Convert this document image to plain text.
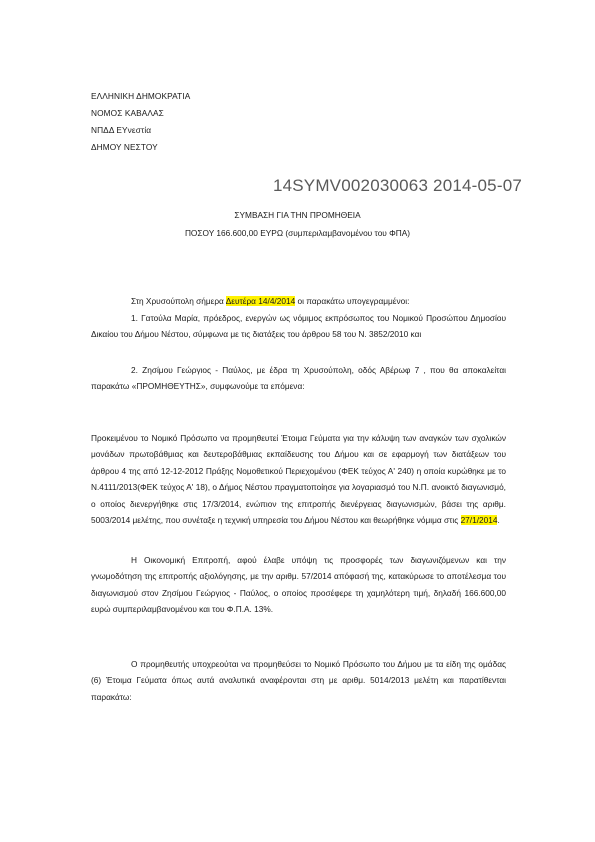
ΕΛΛΗΝΙΚΗ ΔΗΜΟΚΡΑΤΙΑ
ΝΟΜΟΣ ΚΑΒΑΛΑΣ
ΝΠΔΔ ΕΥνεστία
ΔΗΜΟΥ ΝΕΣΤΟΥ
14SYMV002030063 2014-05-07
ΣΥΜΒΑΣΗ ΓΙΑ ΤΗΝ ΠΡΟΜΗΘΕΙΑ
ΠΟΣΟΥ 166.600,00 ΕΥΡΩ (συμπεριλαμβανομένου του ΦΠΑ)
Στη Χρυσούπολη σήμερα Δευτέρα 14/4/2014 οι παρακάτω υπογεγραμμένοι:
1. Γατούλα Μαρία, πρόεδρος, ενεργών ως νόμιμος εκπρόσωπος του Νομικού Προσώπου Δημοσίου Δικαίου του Δήμου Νέστου, σύμφωνα με τις διατάξεις του άρθρου 58 του Ν. 3852/2010 και
2. Ζησίμου Γεώργιος - Παύλος, με έδρα τη Χρυσούπολη, οδός Αβέρωφ 7 , που θα αποκαλείται παρακάτω «ΠΡΟΜΗΘΕΥΤΗΣ», συμφωνούμε τα επόμενα:
Προκειμένου το Νομικό Πρόσωπο να προμηθευτεί Έτοιμα Γεύματα για την κάλυψη των αναγκών των σχολικών μονάδων πρωτοβάθμιας και δευτεροβάθμιας εκπαίδευσης του Δήμου και σε εφαρμογή των διατάξεων του άρθρου 4 της από 12-12-2012 Πράξης Νομοθετικού Περιεχομένου (ΦΕΚ τεύχος Α' 240) η οποία κυρώθηκε με το Ν.4111/2013(ΦΕΚ τεύχος Α' 18), ο Δήμος Νέστου πραγματοποίησε για λογαριασμό του Ν.Π. ανοικτό διαγωνισμό, ο οποίος διενεργήθηκε στις 17/3/2014, ενώπιον της επιτροπής διενέργειας διαγωνισμών, βάσει της αριθμ. 5003/2014 μελέτης, που συνέταξε η τεχνική υπηρεσία του Δήμου Νέστου και θεωρήθηκε νόμιμα στις 27/1/2014.
Η Οικονομική Επιτροπή, αφού έλαβε υπόψη τις προσφορές των διαγωνιζόμενων και την γνωμοδότηση της επιτροπής αξιολόγησης, με την αριθμ. 57/2014 απόφασή της, κατακύρωσε το αποτέλεσμα του διαγωνισμού στον Ζησίμου Γεώργιος - Παύλος, ο οποίος προσέφερε τη χαμηλότερη τιμή, δηλαδή 166.600,00 ευρώ συμπεριλαμβανομένου και του Φ.Π.Α. 13%.
Ο προμηθευτής υποχρεούται να προμηθεύσει το Νομικό Πρόσωπο του Δήμου με τα είδη της ομάδας (6) Έτοιμα Γεύματα όπως αυτά αναλυτικά αναφέρονται στη με αριθμ. 5014/2013 μελέτη και παρατίθενται παρακάτω:
